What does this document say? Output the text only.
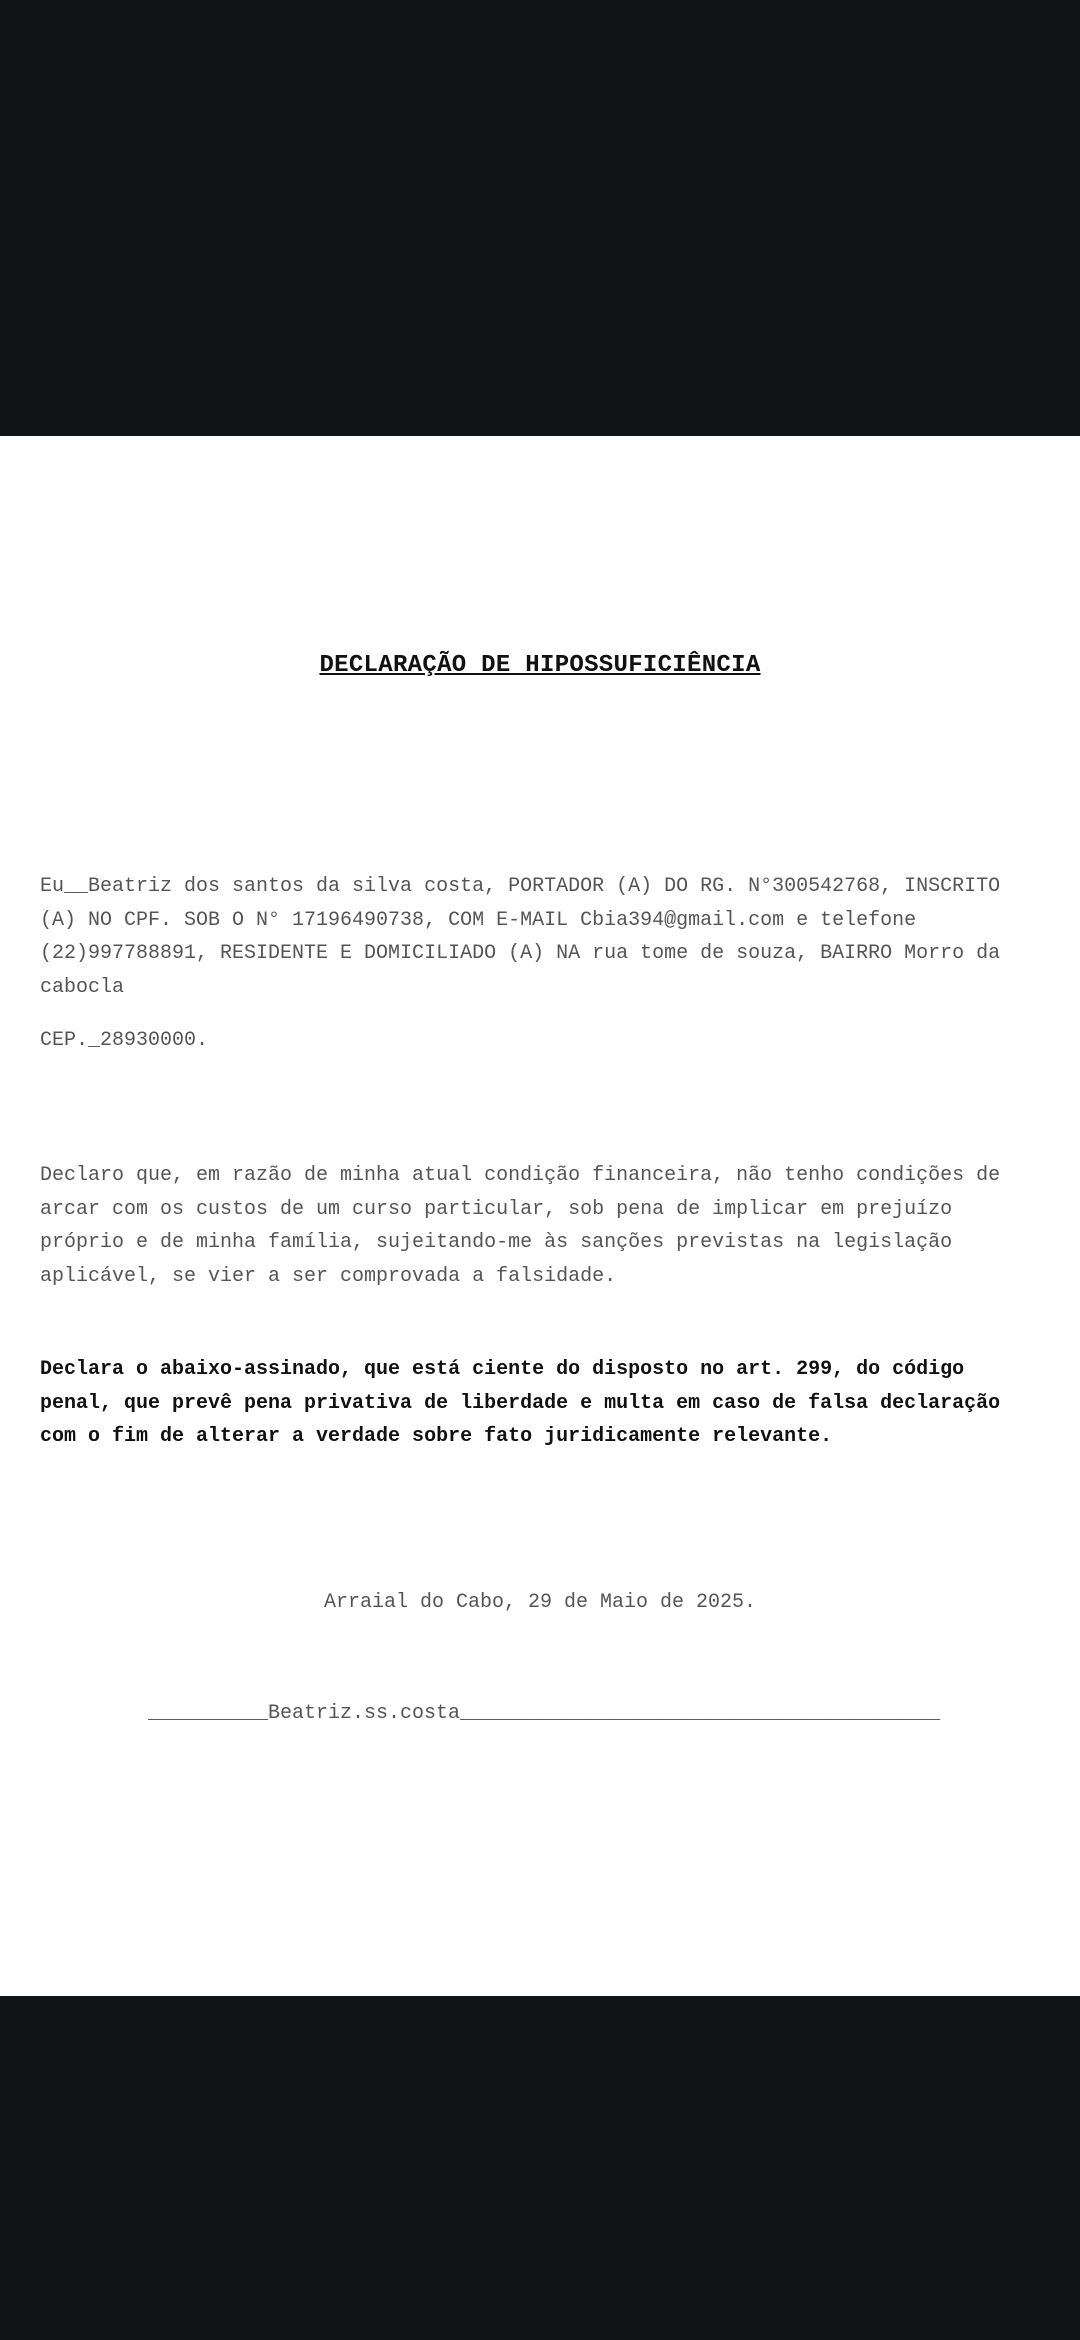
DECLARAÇÃO DE HIPOSSUFICIÊNCIA

Eu__Beatriz dos santos da silva costa, PORTADOR (A) DO RG. N°300542768, INSCRITO (A) NO CPF. SOB O N° 17196490738, COM E-MAIL Cbia394@gmail.com e telefone (22)997788891, RESIDENTE E DOMICILIADO (A) NA rua tome de souza, BAIRRO Morro da cabocla

CEP._28930000.

Declaro que, em razão de minha atual condição financeira, não tenho condições de arcar com os custos de um curso particular, sob pena de implicar em prejuízo próprio e de minha família, sujeitando-me às sanções previstas na legislação aplicável, se vier a ser comprovada a falsidade.

Declara o abaixo-assinado, que está ciente do disposto no art. 299, do código penal, que prevê pena privativa de liberdade e multa em caso de falsa declaração com o fim de alterar a verdade sobre fato juridicamente relevante.

Arraial do Cabo, 29 de Maio de 2025.
__________Beatriz.ss.costa________________________________________
